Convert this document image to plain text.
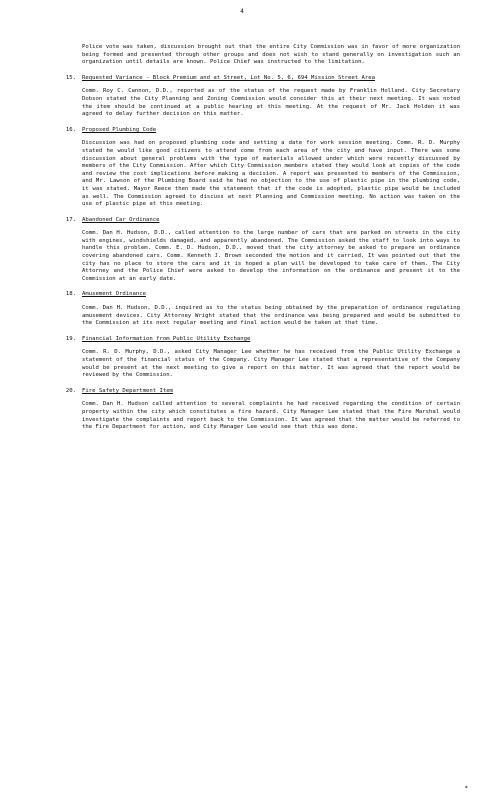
4

Police vote was taken, discussion brought out that the entire City Commission was in favor of more organization being formed and presented through other groups and does not wish to stand generally on investigation such an organization until details are known. Police Chief was instructed to the limitation.

15. Requested Variance - Block Premium and at Street, Lot No. 5, 6, 694 Mission Street Area

Comm. Roy C. Cannon, D.D., reported as of the status of the request made by Franklin Holland. City Secretary Dobson stated the City Planning and Zoning Commission would consider this at their next meeting. It was noted the item should be continued at a public hearing at this meeting. At the request of Mr. Jack Holden it was agreed to delay further decision on this matter.

16. Proposed Plumbing Code

Discussion was had on proposed plumbing code and setting a date for work session meeting. Comm. R. D. Murphy stated he would like good citizens to attend come from each area of the city and have input. There was some discussion about general problems with the type of materials allowed under which were recently discussed by members of the City Commission. After which City Commission members stated they would look at copies of the code and review the cost implications before making a decision. A report was presented to members of the Commission, and Mr. Lawson of the Plumbing Board said he had no objection to the use of plastic pipe in the plumbing code, it was stated. Mayor Reece then made the statement that if the code is adopted, plastic pipe would be included as well. The Commission agreed to discuss at next Planning and Commission meeting. No action was taken on the use of plastic pipe at this meeting.

17. Abandoned Car Ordinance

Comm. Dan H. Hudson, D.D., called attention to the large number of cars that are parked on streets in the city with engines, windshields damaged, and apparently abandoned. The Commission asked the staff to look into ways to handle this problem. Comm. E. D. Hudson, D.D., moved that the city attorney be asked to prepare an ordinance covering abandoned cars. Comm. Kenneth J. Brown seconded the motion and it carried. It was pointed out that the city has no place to store the cars and it is hoped a plan will be developed to take care of them. The City Attorney and the Police Chief were asked to develop the information on the ordinance and present it to the Commission at an early date.

18. Amusement Ordinance

Comm. Dan H. Hudson, D.D., inquired as to the status being obtained by the preparation of ordinance regulating amusement devices. City Attorney Wright stated that the ordinance was being prepared and would be submitted to the Commission at its next regular meeting and final action would be taken at that time.

19. Financial Information from Public Utility Exchange

Comm. R. D. Murphy, D.D., asked City Manager Lee whether he has received from the Public Utility Exchange a statement of the financial status of the Company. City Manager Lee stated that a representative of the Company would be present at the next meeting to give a report on this matter. It was agreed that the report would be reviewed by the Commission.

20. Fire Safety Department Item

Comm. Dan H. Hudson called attention to several complaints he had received regarding the condition of certain property within the city which constitutes a fire hazard. City Manager Lee stated that the Fire Marshal would investigate the complaints and report back to the Commission. It was agreed that the matter would be referred to the Fire Department for action, and City Manager Lee would see that this was done.

*
